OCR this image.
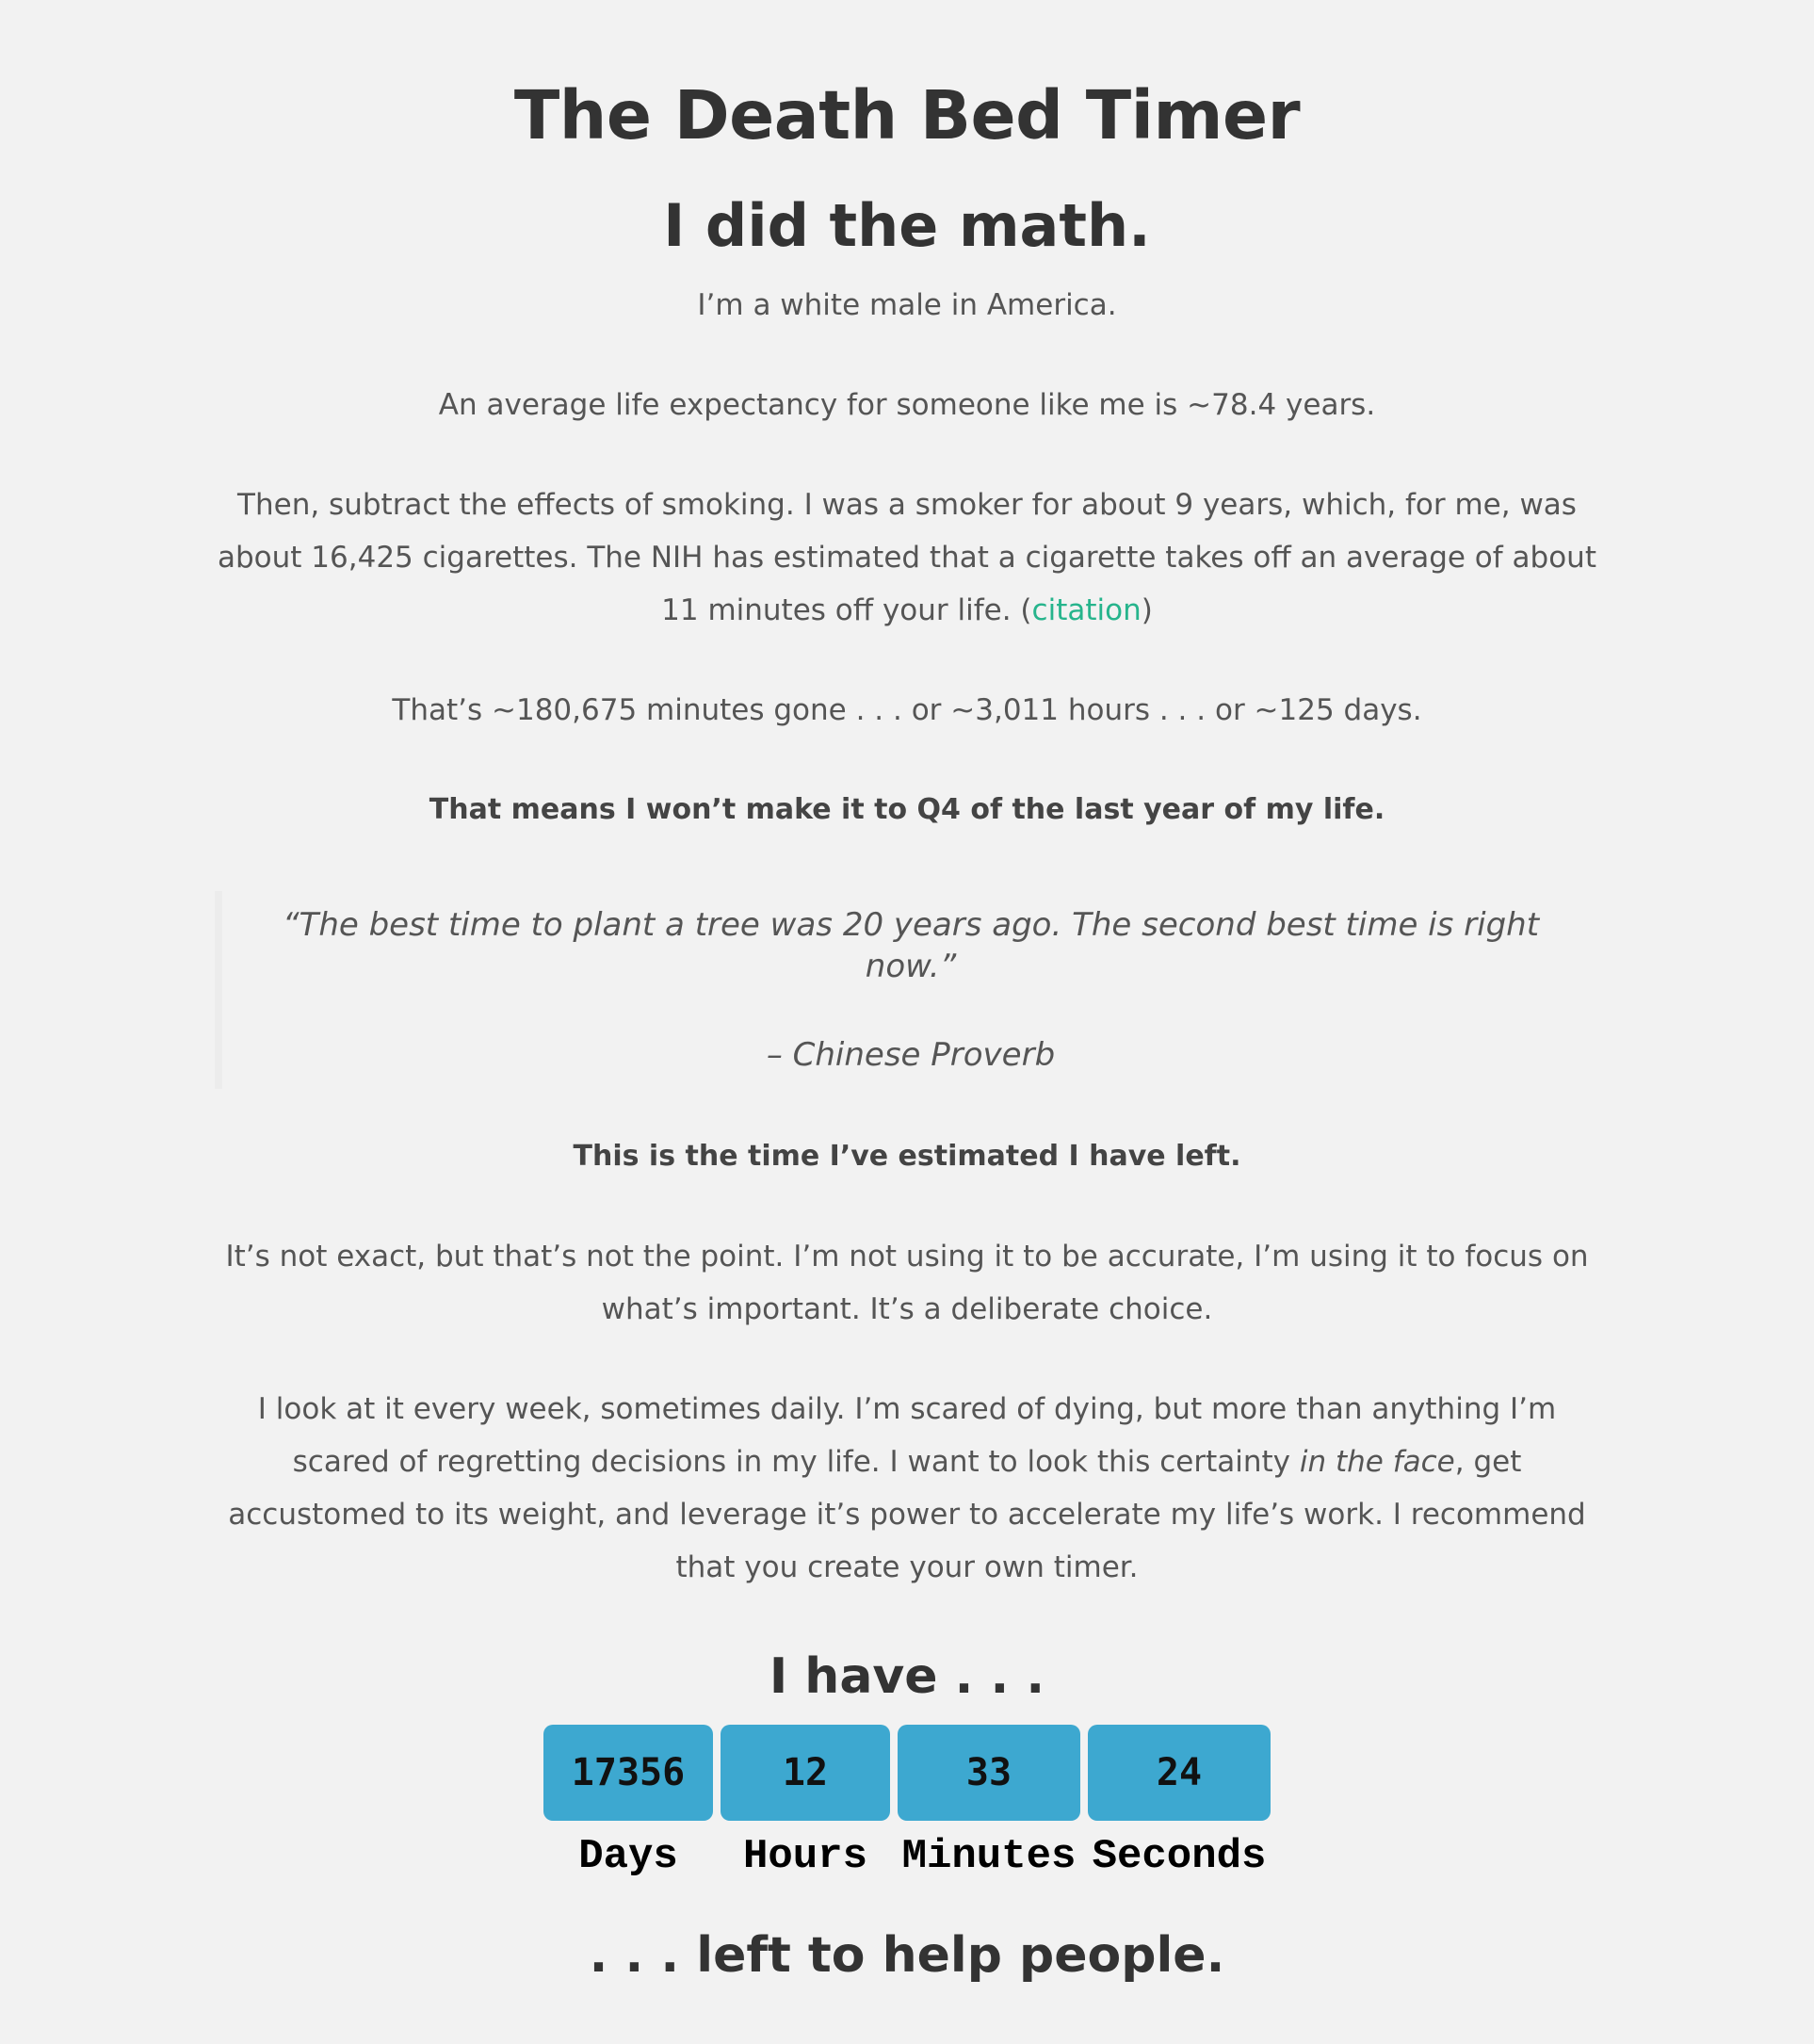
The Death Bed Timer
I did the math.

I’m a white male in America.

An average life expectancy for someone like me is ~78.4 years.

Then, subtract the effects of smoking. I was a smoker for about 9 years, which, for me, was about 16,425 cigarettes. The NIH has estimated that a cigarette takes off an average of about 11 minutes off your life. (citation)

That’s ~180,675 minutes gone . . . or ~3,011 hours . . . or ~125 days.

That means I won’t make it to Q4 of the last year of my life.

“The best time to plant a tree was 20 years ago. The second best time is right now.”
– Chinese Proverb

This is the time I’ve estimated I have left.

It’s not exact, but that’s not the point. I’m not using it to be accurate, I’m using it to focus on what’s important. It’s a deliberate choice.

I look at it every week, sometimes daily. I’m scared of dying, but more than anything I’m scared of regretting decisions in my life. I want to look this certainty in the face, get accustomed to its weight, and leverage it’s power to accelerate my life’s work. I recommend that you create your own timer.

I have . . .
17356
Days
12
Hours
33
Minutes
24
Seconds
. . . left to help people.
